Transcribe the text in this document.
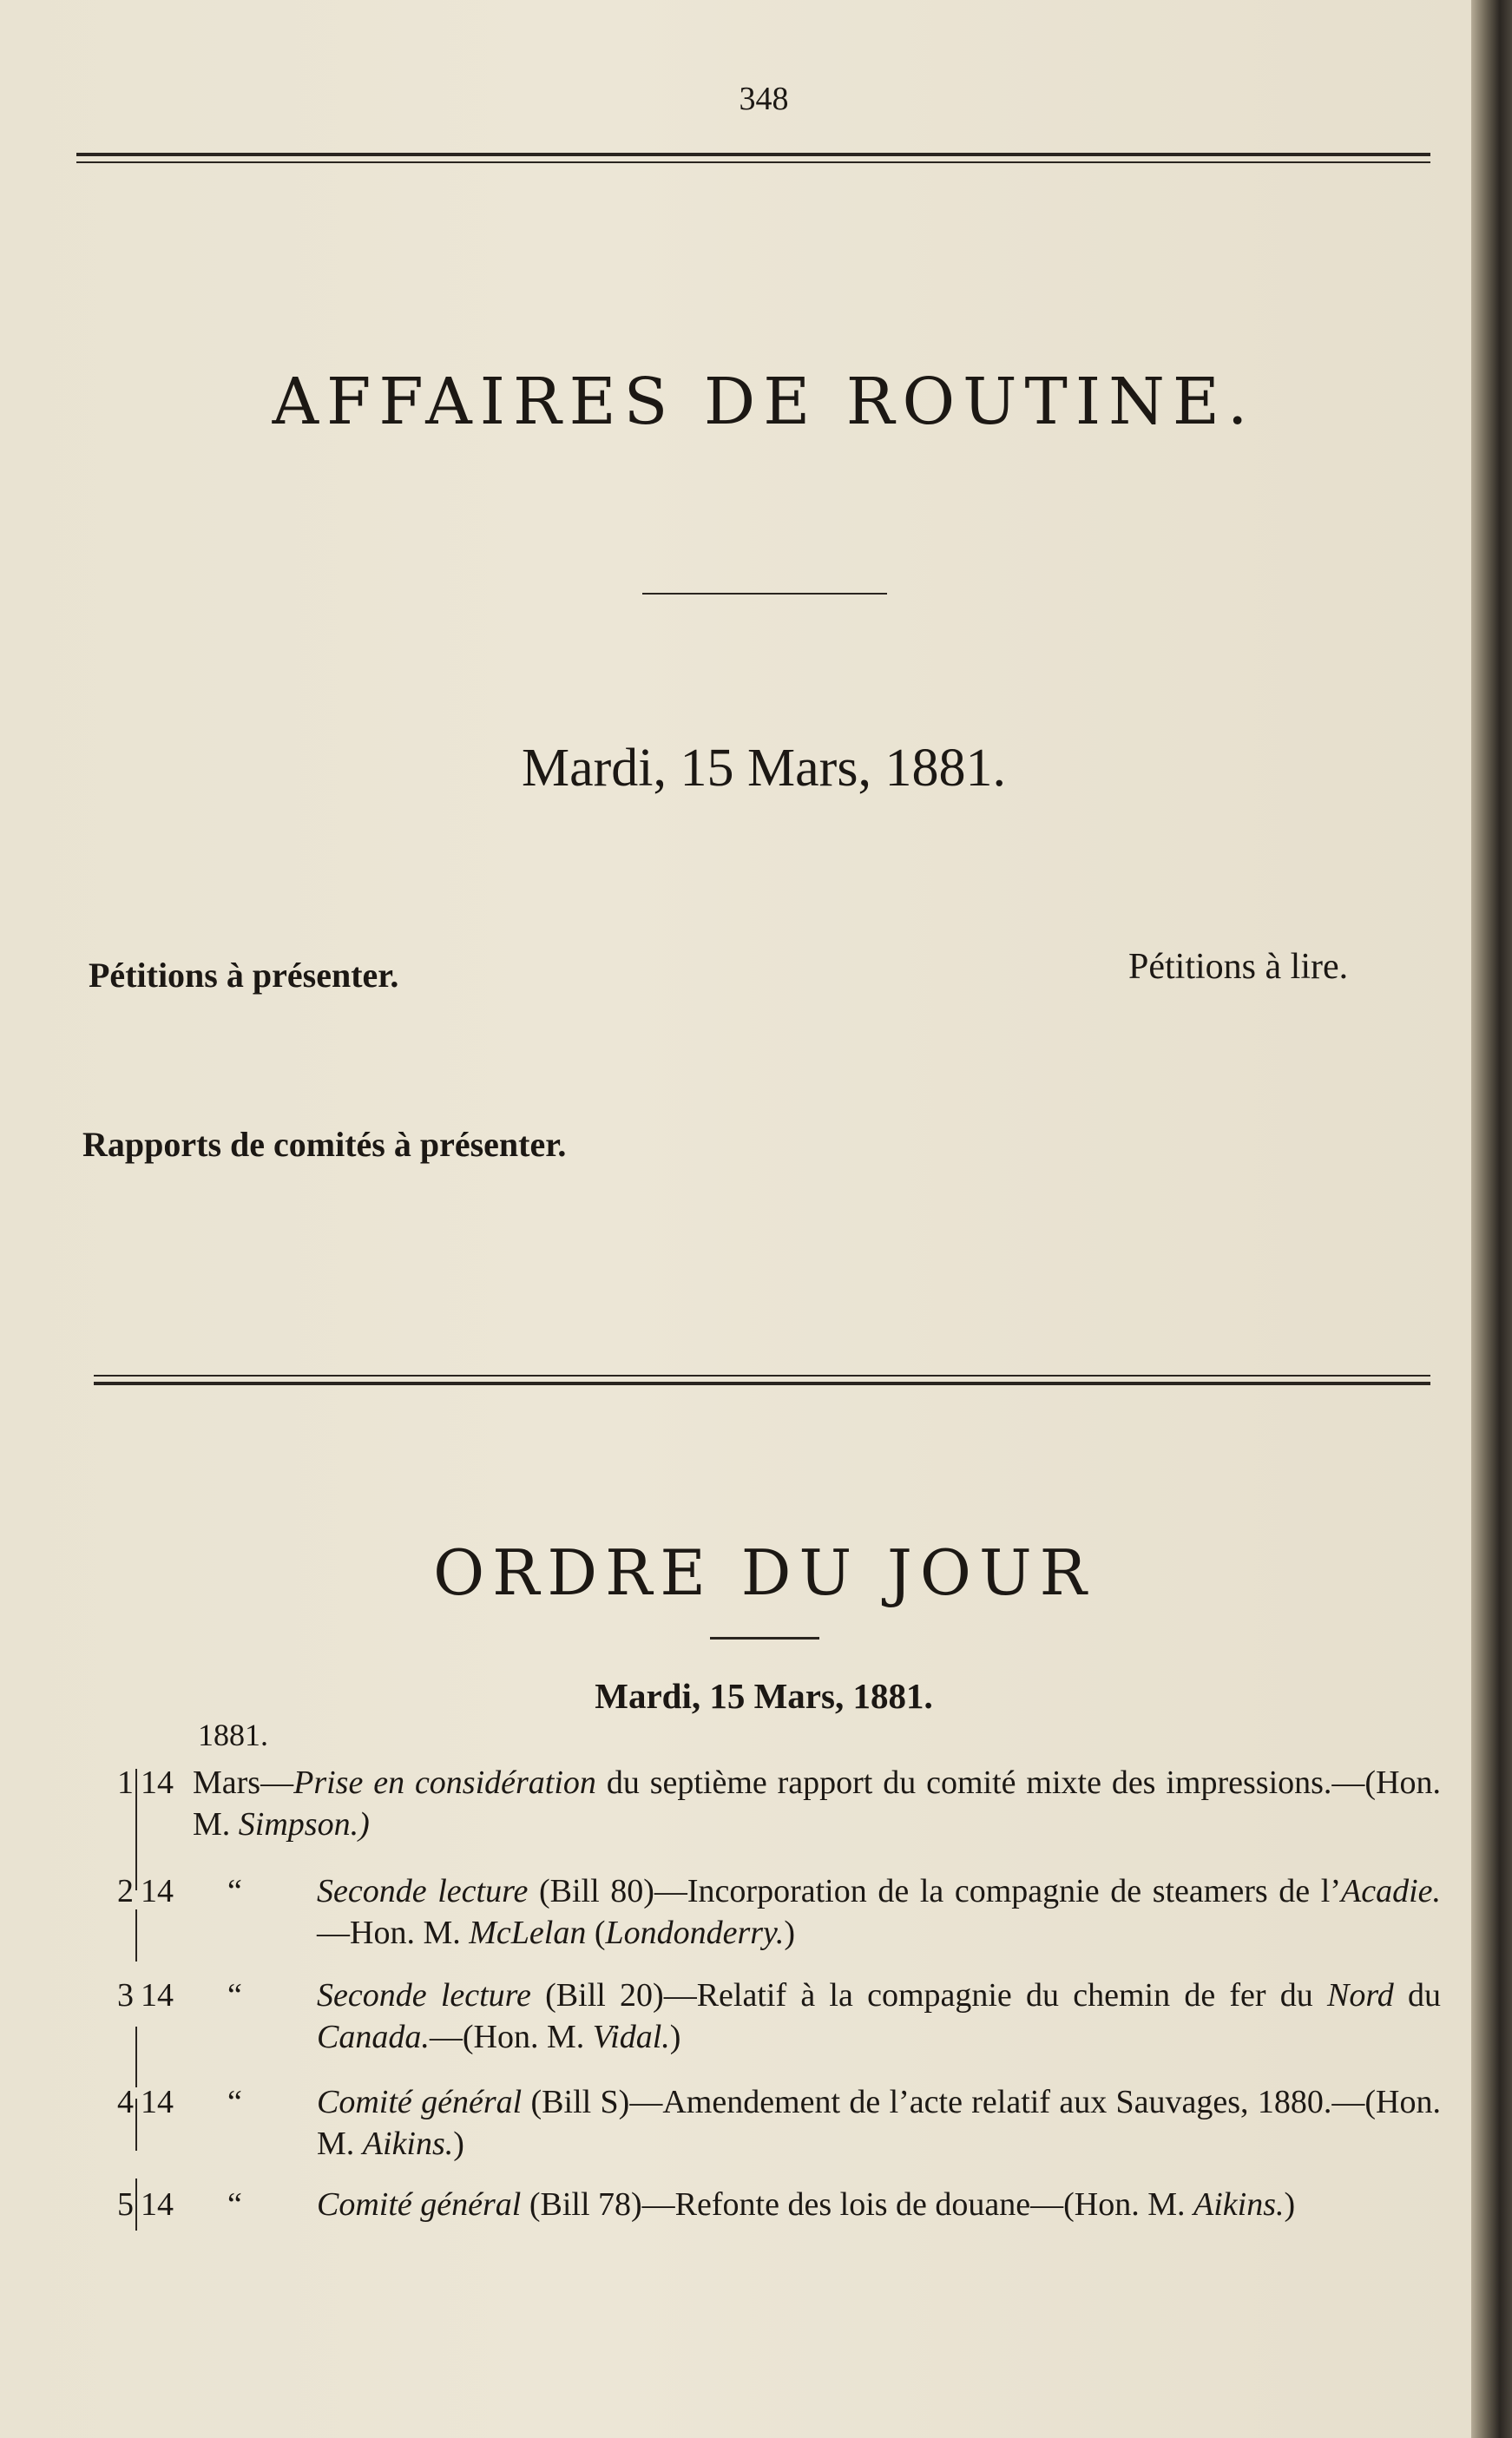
348
AFFAIRES DE ROUTINE.
Mardi, 15 Mars, 1881.
Pétitions à présenter.	Pétitions à lire.
Rapports de comités à présenter.
ORDRE DU JOUR
Mardi, 15 Mars, 1881.
1881.
1 14 Mars—Prise en considération du septième rapport du comité mixte des impressions.—(Hon. M. Simpson.)
2 14 “ Seconde lecture (Bill 80)—Incorporation de la compagnie de steamers de l’Acadie.—Hon. M. McLelan (Londonderry.)
3 14 “ Seconde lecture (Bill 20)—Relatif à la compagnie du chemin de fer du Nord du Canada.—(Hon. M. Vidal.)
4 14 “ Comité général (Bill S)—Amendement de l’acte relatif aux Sauvages, 1880.—(Hon. M. Aikins.)
5 14 “ Comité général (Bill 78)—Refonte des lois de douane—(Hon. M. Aikins.)
